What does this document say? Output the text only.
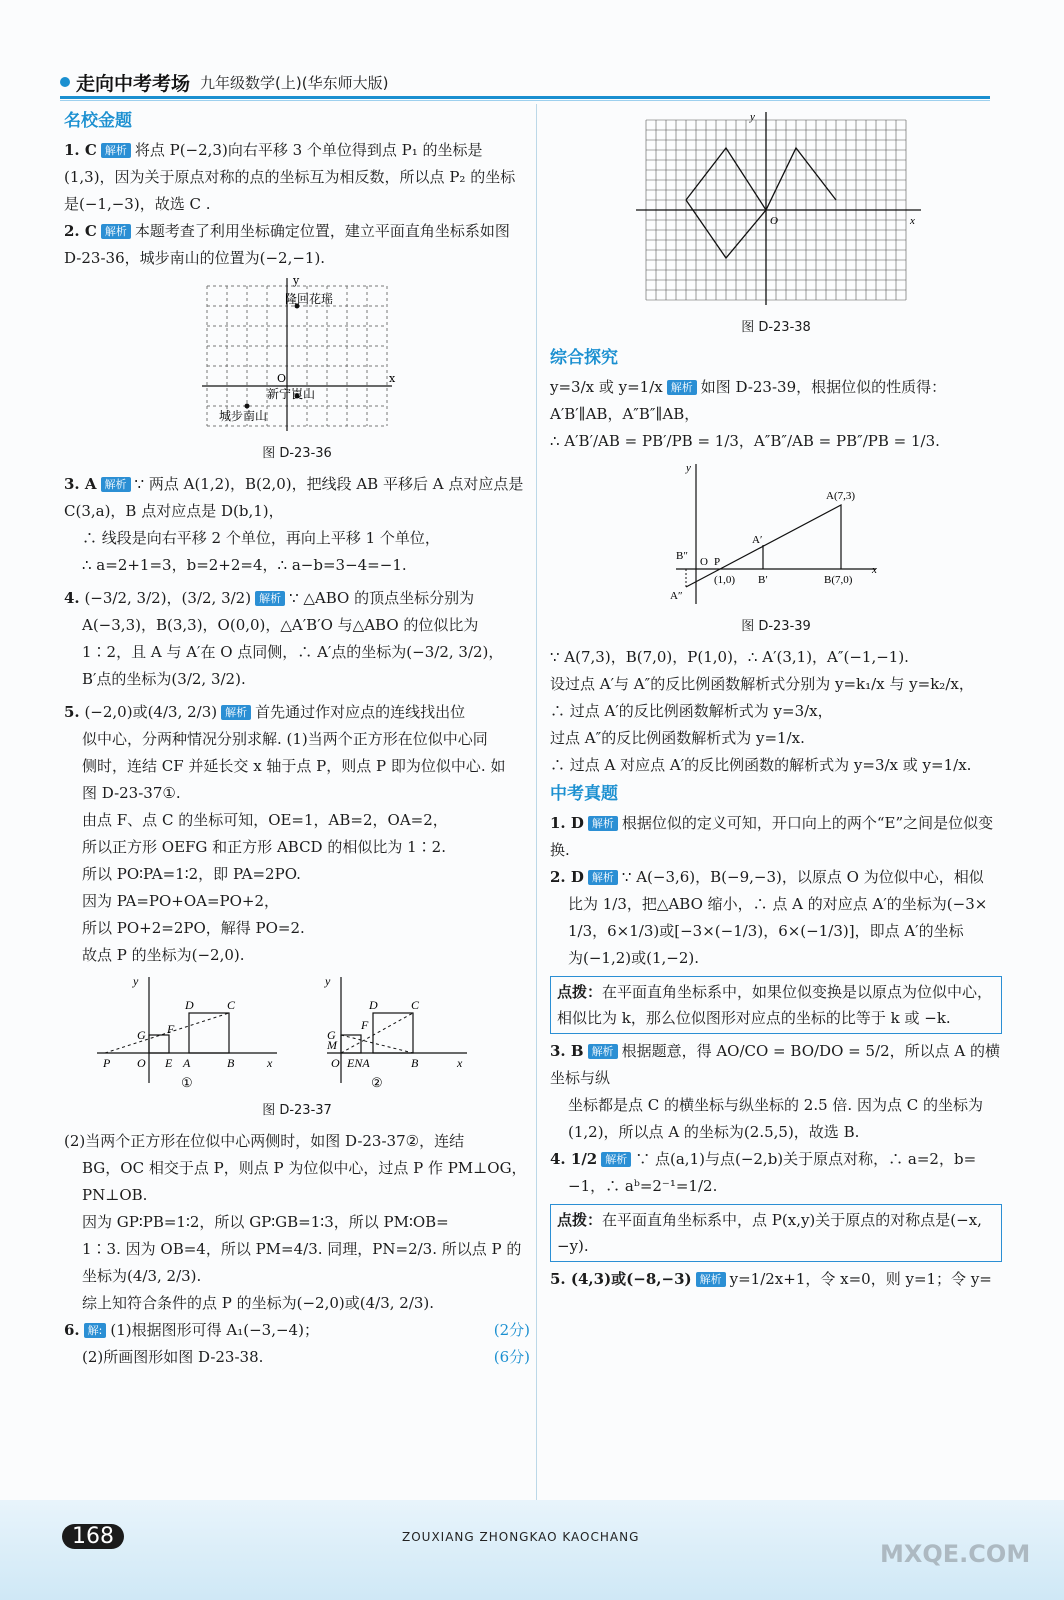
走向中考考场 九年级数学(上)(华东师大版)
名校金题

1. C 解析 将点 P(−2,3)向右平移 3 个单位得到点 P₁ 的坐标是(1,3)，因为关于原点对称的点的坐标互为相反数，所以点 P₂ 的坐标是(−1,−3)，故选 C .

2. C 解析 本题考查了利用坐标确定位置，建立平面直角坐标系如图 D-23-36，城步南山的位置为(−2,−1).

y
x
O
隆回花瑶
新宁崀山
城步南山
图 D-23-36

3. A 解析 ∵ 两点 A(1,2)，B(2,0)，把线段 AB 平移后 A 点对应点是 C(3,a)，B 点对应点是 D(b,1)，

∴ 线段是向右平移 2 个单位，再向上平移 1 个单位，

∴ a=2+1=3，b=2+2=4，∴ a−b=3−4=−1.

4. (−3/2, 3/2)，(3/2, 3/2) 解析 ∵ △ABO 的顶点坐标分别为

A(−3,3)，B(3,3)，O(0,0)，△A′B′O 与△ABO 的位似比为

1∶2，且 A 与 A′在 O 点同侧，∴ A′点的坐标为(−3/2, 3/2)，

B′点的坐标为(3/2, 3/2).

5. (−2,0)或(4/3, 2/3) 解析 首先通过作对应点的连线找出位

似中心，分两种情况分别求解. (1)当两个正方形在位似中心同

侧时，连结 CF 并延长交 x 轴于点 P，则点 P 即为位似中心. 如

图 D-23-37①.

由点 F、点 C 的坐标可知，OE=1，AB=2，OA=2，

所以正方形 OEFG 和正方形 ABCD 的相似比为 1∶2.

所以 PO∶PA=1∶2，即 PA=2PO.

因为 PA=PO+OA=PO+2，

所以 PO+2=2PO，解得 PO=2.

故点 P 的坐标为(−2,0).

y
P O E A	B	x
G F
D	C
y
O ENA	B	x
G
M
F
D	C
①	②
图 D-23-37

(2)当两个正方形在位似中心两侧时，如图 D-23-37②，连结

BG，OC 相交于点 P，则点 P 为位似中心，过点 P 作 PM⊥OG，

PN⊥OB.

因为 GP∶PB=1∶2，所以 GP∶GB=1∶3，所以 PM∶OB=

1∶3. 因为 OB=4，所以 PM=4/3. 同理，PN=2/3. 所以点 P 的

坐标为(4/3, 2/3).

综上知符合条件的点 P 的坐标为(−2,0)或(4/3, 2/3).

6. 解: (1)根据图形可得 A₁(−3,−4)；	(2分)

(2)所画图形如图 D-23-38.	(6分)

y
x
O
图 D-23-38
综合探究

y=3/x 或 y=1/x 解析 如图 D-23-39，根据位似的性质得：

A′B′∥AB，A″B″∥AB，

∴ A′B′/AB = PB′/PB = 1/3，A″B″/AB = PB″/PB = 1/3.

y
x
A(7,3)
A′
A″
B″
B′	B(7,0)
(1,0)
O P
图 D-23-39

∵ A(7,3)，B(7,0)，P(1,0)，∴ A′(3,1)，A″(−1,−1).

设过点 A′与 A″的反比例函数解析式分别为 y=k₁/x 与 y=k₂/x，

∴ 过点 A′的反比例函数解析式为 y=3/x，

过点 A″的反比例函数解析式为 y=1/x.

∴ 过点 A 对应点 A′的反比例函数的解析式为 y=3/x 或 y=1/x.

中考真题

1. D 解析 根据位似的定义可知，开口向上的两个“E”之间是位似变换.

2. D 解析 ∵ A(−3,6)，B(−9,−3)，以原点 O 为位似中心，相似

比为 1/3，把△ABO 缩小，∴ 点 A 的对应点 A′的坐标为(−3×

1/3，6×1/3)或[−3×(−1/3)，6×(−1/3)]，即点 A′的坐标

为(−1,2)或(1,−2).

点拨：在平面直角坐标系中，如果位似变换是以原点为位似中心，相似比为 k，那么位似图形对应点的坐标的比等于 k 或 −k.

3. B 解析 根据题意，得 AO/CO = BO/DO = 5/2，所以点 A 的横坐标与纵

坐标都是点 C 的横坐标与纵坐标的 2.5 倍. 因为点 C 的坐标为

(1,2)，所以点 A 的坐标为(2.5,5)，故选 B.

4. 1/2 解析 ∵ 点(a,1)与点(−2,b)关于原点对称，∴ a=2，b=

−1，∴ aᵇ=2⁻¹=1/2.

点拨：在平面直角坐标系中，点 P(x,y)关于原点的对称点是(−x,−y).

5. (4,3)或(−8,−3) 解析 y=1/2x+1，令 x=0，则 y=1；令 y=

168	ZOUXIANG ZHONGKAO KAOCHANG
MXQE.COM
